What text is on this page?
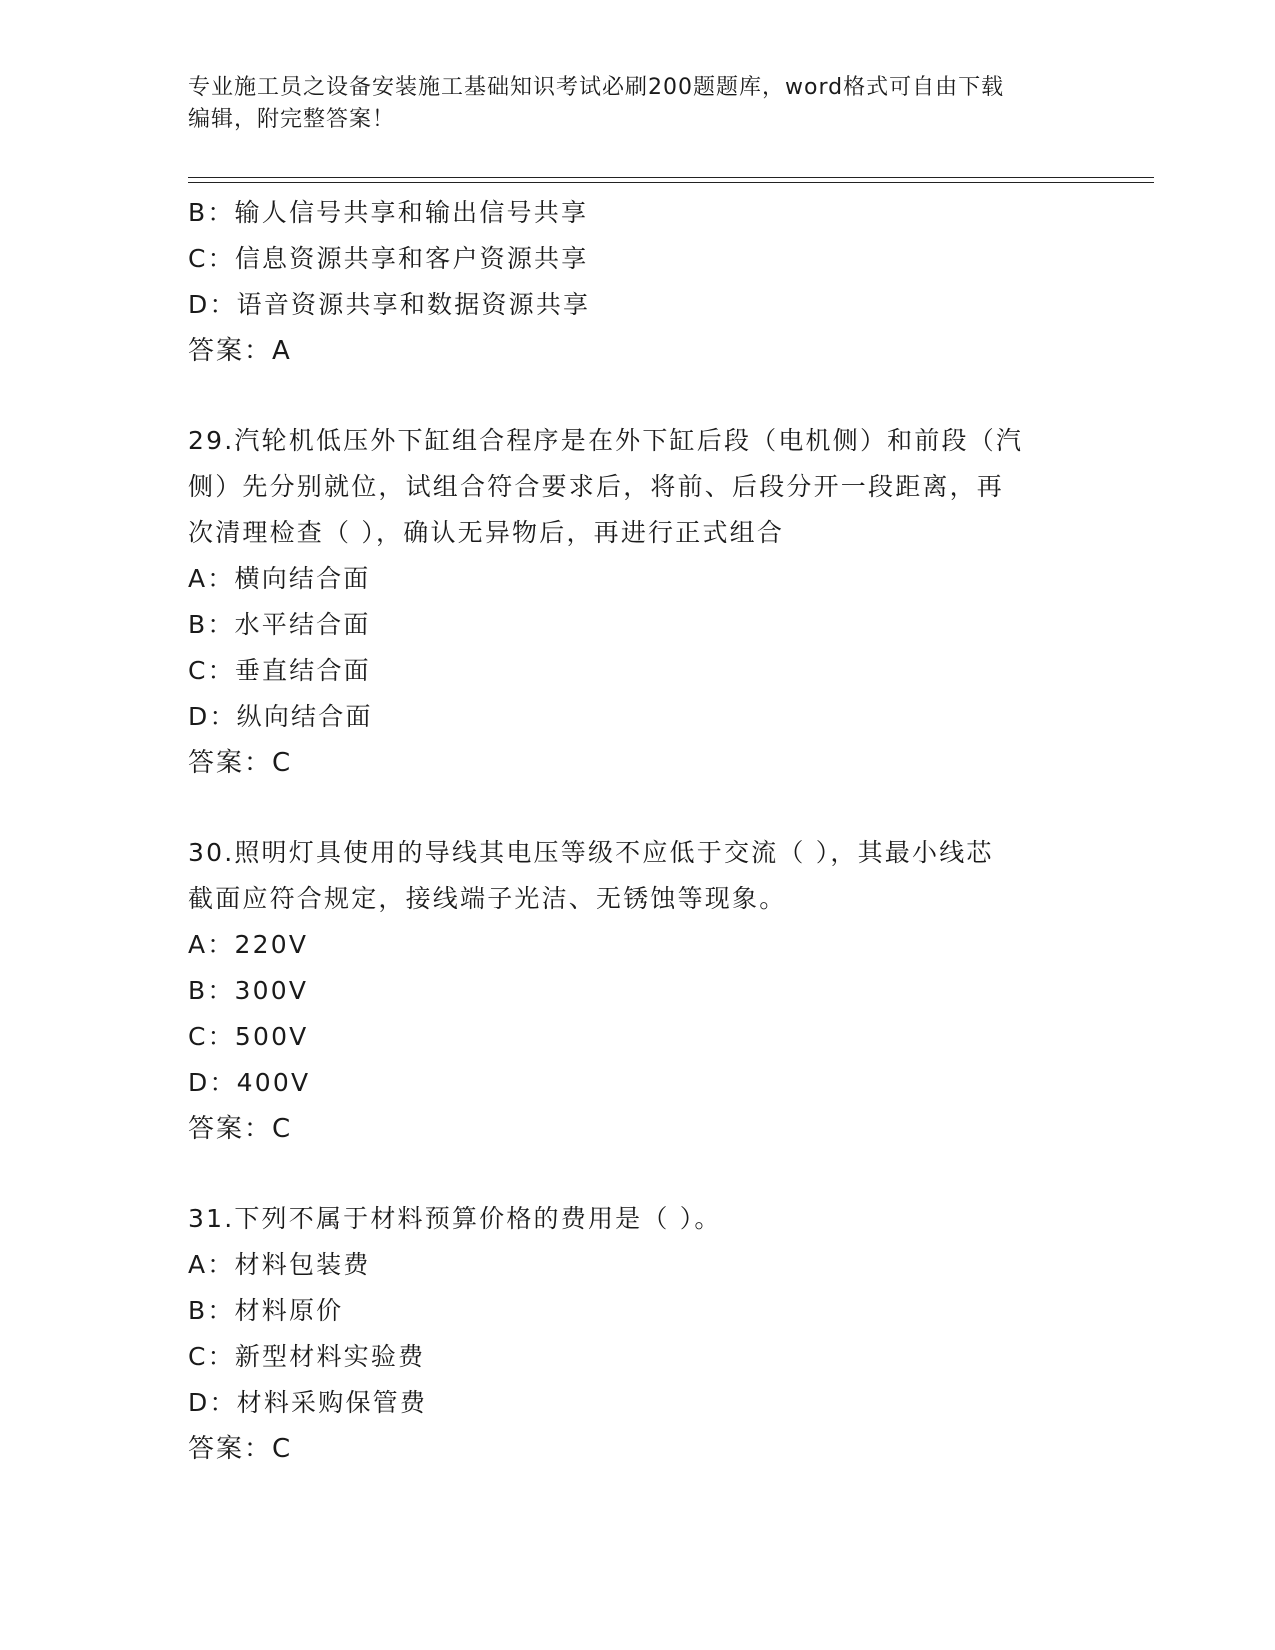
专业施工员之设备安装施工基础知识考试必刷200题题库，word格式可自由下载
编辑，附完整答案！

B：输人信号共享和输出信号共享

C：信息资源共享和客户资源共享

D：语音资源共享和数据资源共享

答案：A

29.汽轮机低压外下缸组合程序是在外下缸后段（电机侧）和前段（汽

侧）先分别就位，试组合符合要求后，将前、后段分开一段距离，再

次清理检查（ ），确认无异物后，再进行正式组合

A：横向结合面

B：水平结合面

C：垂直结合面

D：纵向结合面

答案：C

30.照明灯具使用的导线其电压等级不应低于交流（ ），其最小线芯

截面应符合规定，接线端子光洁、无锈蚀等现象。

A：220V

B：300V

C：500V

D：400V

答案：C

31.下列不属于材料预算价格的费用是（ ）。

A：材料包装费

B：材料原价

C：新型材料实验费

D：材料采购保管费

答案：C
